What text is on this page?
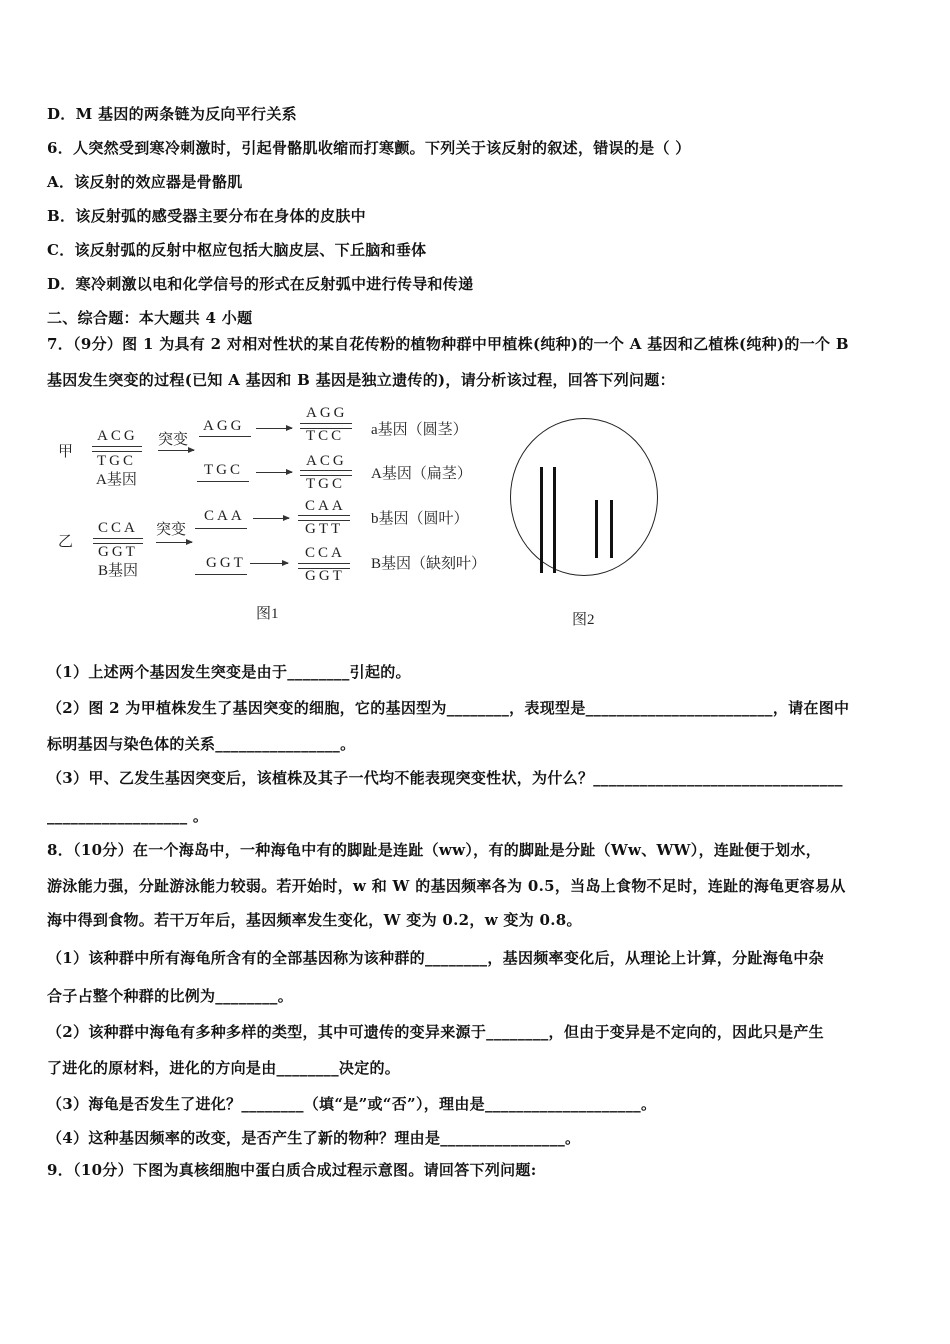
D．M 基因的两条链为反向平行关系
6．人突然受到寒冷刺激时，引起骨骼肌收缩而打寒颤。下列关于该反射的叙述，错误的是（ ）
A．该反射的效应器是骨骼肌
B．该反射弧的感受器主要分布在身体的皮肤中
C．该反射弧的反射中枢应包括大脑皮层、下丘脑和垂体
D．寒冷刺激以电和化学信号的形式在反射弧中进行传导和传递
二、综合题：本大题共 4 小题
7．（9分）图 1 为具有 2 对相对性状的某自花传粉的植物种群中甲植株(纯种)的一个 A 基因和乙植株(纯种)的一个 B
基因发生突变的过程(已知 A 基因和 B 基因是独立遗传的)，请分析该过程，回答下列问题：
甲
乙
ACG
TGC
A基因
突变
CCA
GGT
B基因
突变
AGG
AGG
TCC a基因（圆茎）
TGC
ACG
TGC
A基因（扁茎）
CAA
CAA
GTT
b基因（圆叶）
GGT
CCA
GGT
B基因（缺刻叶）
图1	图2
（1）上述两个基因发生突变是由于________引起的。
（2）图 2 为甲植株发生了基因突变的细胞，它的基因型为________，表现型是________________________，请在图中
标明基因与染色体的关系________________。
（3）甲、乙发生基因突变后，该植株及其子一代均不能表现突变性状，为什么？________________________________
__________________ 。
8．（10分）在一个海岛中，一种海龟中有的脚趾是连趾（ww），有的脚趾是分趾（Ww、WW），连趾便于划水，
游泳能力强，分趾游泳能力较弱。若开始时，w 和 W 的基因频率各为 0.5，当岛上食物不足时，连趾的海龟更容易从
海中得到食物。若干万年后，基因频率发生变化，W 变为 0.2，w 变为 0.8。
（1）该种群中所有海龟所含有的全部基因称为该种群的________，基因频率变化后，从理论上计算，分趾海龟中杂
合子占整个种群的比例为________。
（2）该种群中海龟有多种多样的类型，其中可遗传的变异来源于________，但由于变异是不定向的，因此只是产生
了进化的原材料，进化的方向是由________决定的。
（3）海龟是否发生了进化？________（填“是”或“否”），理由是____________________。
（4）这种基因频率的改变，是否产生了新的物种？理由是________________。
9．（10分）下图为真核细胞中蛋白质合成过程示意图。请回答下列问题:
